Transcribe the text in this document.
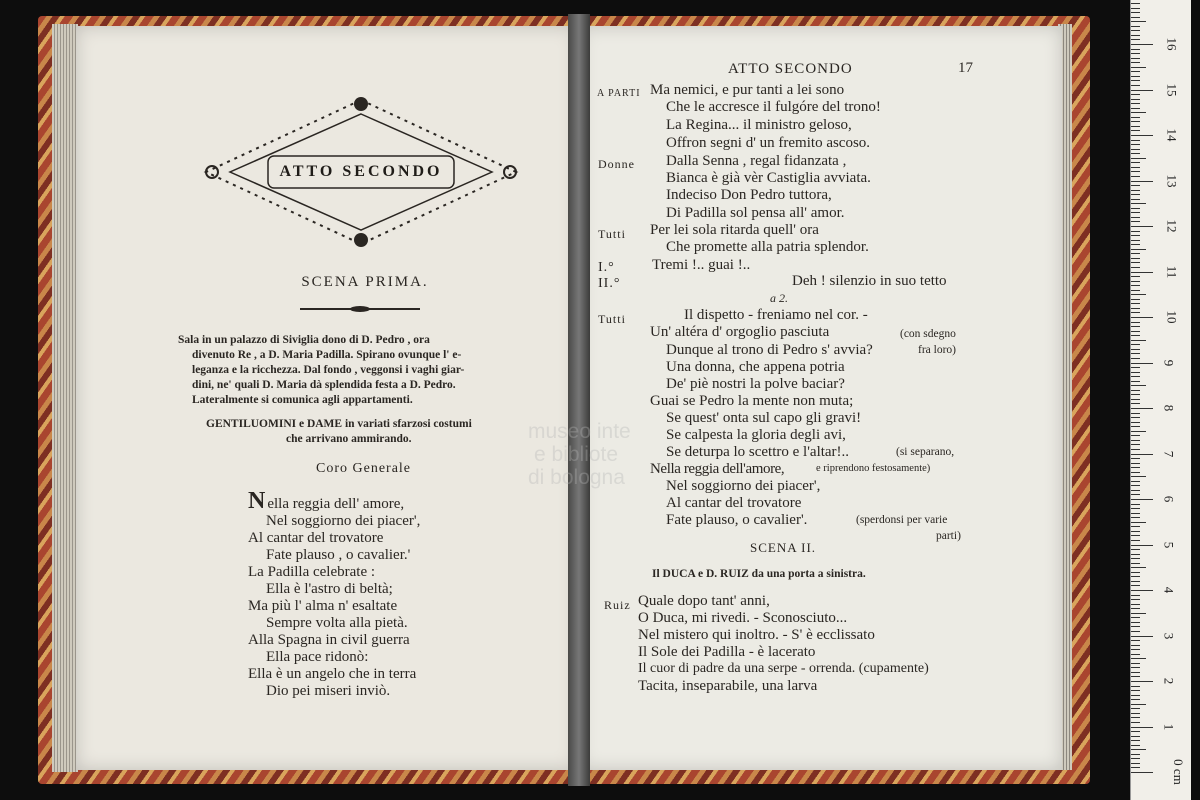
ATTO SECONDO
SCENA PRIMA.
Sala in un palazzo di Siviglia dono di D. Pedro , ora
divenuto Re , a D. Maria Padilla. Spirano ovunque l' e-
leganza e la ricchezza. Dal fondo , veggonsi i vaghi giar-
dini, ne' quali D. Maria dà splendida festa a D. Pedro.
Lateralmente si comunica agli appartamenti.
GENTILUOMINI e DAME in variati sfarzosi costumi
che arrivano ammirando.
Coro Generale
Nella reggia dell' amore,
Nel soggiorno dei piacer',
Al cantar del trovatore
Fate plauso , o cavalier.'
La Padilla celebrate :
Ella è l'astro di beltà;
Ma più l' alma n' esaltate
Sempre volta alla pietà.
Alla Spagna in civil guerra
Ella pace ridonò:
Ella è un angelo che in terra
Dio pei miseri inviò.
ATTO SECONDO	17
A PARTI Ma nemici, e pur tanti a lei sono
Che le accresce il fulgóre del trono!
La Regina... il ministro geloso,
Offron segni d' un fremito ascoso.
Donne Dalla Senna , regal fidanzata ,
Bianca è già vèr Castiglia avviata.
Indeciso Don Pedro tuttora,
Di Padilla sol pensa all' amor.
Tutti Per lei sola ritarda quell' ora
Che promette alla patria splendor.
I.° Tremi !.. guai !..
II.°	Deh ! silenzio in suo tetto
a 2.
Tutti	Il dispetto - freniamo nel cor. -
Un' altéra d' orgoglio pasciuta
Dunque al trono di Pedro s' avvia?
Una donna, che appena potria
De' piè nostri la polve baciar?
Guai se Pedro la mente non muta;
Se quest' onta sul capo gli gravi!
Se calpesta la gloria degli avi,
Se deturpa lo scettro e l'altar!..
Nella reggia dell'amore,
Nel soggiorno dei piacer',
Al cantar del trovatore
Fate plauso, o cavalier'.
(con sdegno
fra loro)
(si separano,
e riprendono festosamente)
(sperdonsi per varie
parti)
SCENA II.
Il DUCA e D. RUIZ da una porta a sinistra.
Ruiz Quale dopo tant' anni,
O Duca, mi rivedi. - Sconosciuto...
Nel mistero qui inoltro. - S' è ecclissato
Il Sole dei Padilla - è lacerato
Il cuor di padre da una serpe - orrenda. (cupamente)
Tacita, inseparabile, una larva
museo inte
e bibliote
di bologna
0 cm
1
2
3
4
5
6
7
8
9
10
11
12
13
14
15
16
